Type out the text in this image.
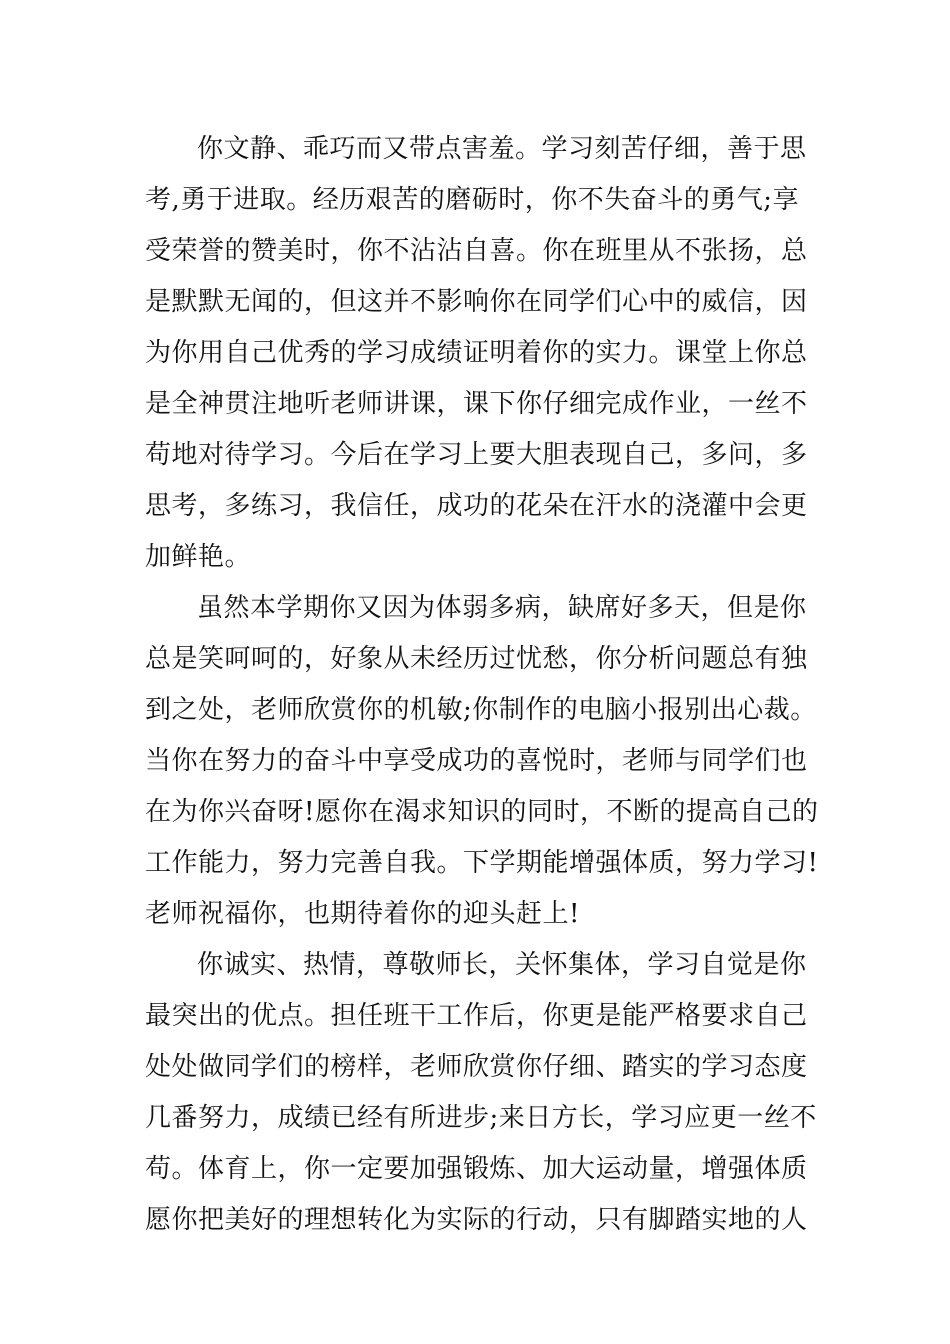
你文静、乖巧而又带点害羞。学习刻苦仔细，善于思
考,勇于进取。经历艰苦的磨砺时，你不失奋斗的勇气;享
受荣誉的赞美时，你不沾沾自喜。你在班里从不张扬，总
是默默无闻的，但这并不影响你在同学们心中的威信，因
为你用自己优秀的学习成绩证明着你的实力。课堂上你总
是全神贯注地听老师讲课，课下你仔细完成作业，一丝不
苟地对待学习。今后在学习上要大胆表现自己，多问，多
思考，多练习，我信任，成功的花朵在汗水的浇灌中会更
加鲜艳。
虽然本学期你又因为体弱多病，缺席好多天，但是你
总是笑呵呵的，好象从未经历过忧愁，你分析问题总有独
到之处，老师欣赏你的机敏;你制作的电脑小报别出心裁。
当你在努力的奋斗中享受成功的喜悦时，老师与同学们也
在为你兴奋呀!愿你在渴求知识的同时，不断的提高自己的
工作能力，努力完善自我。下学期能增强体质，努力学习!
老师祝福你，也期待着你的迎头赶上!
你诚实、热情，尊敬师长，关怀集体，学习自觉是你
最突出的优点。担任班干工作后，你更是能严格要求自己
处处做同学们的榜样，老师欣赏你仔细、踏实的学习态度
几番努力，成绩已经有所进步;来日方长，学习应更一丝不
苟。体育上，你一定要加强锻炼、加大运动量，增强体质
愿你把美好的理想转化为实际的行动，只有脚踏实地的人
